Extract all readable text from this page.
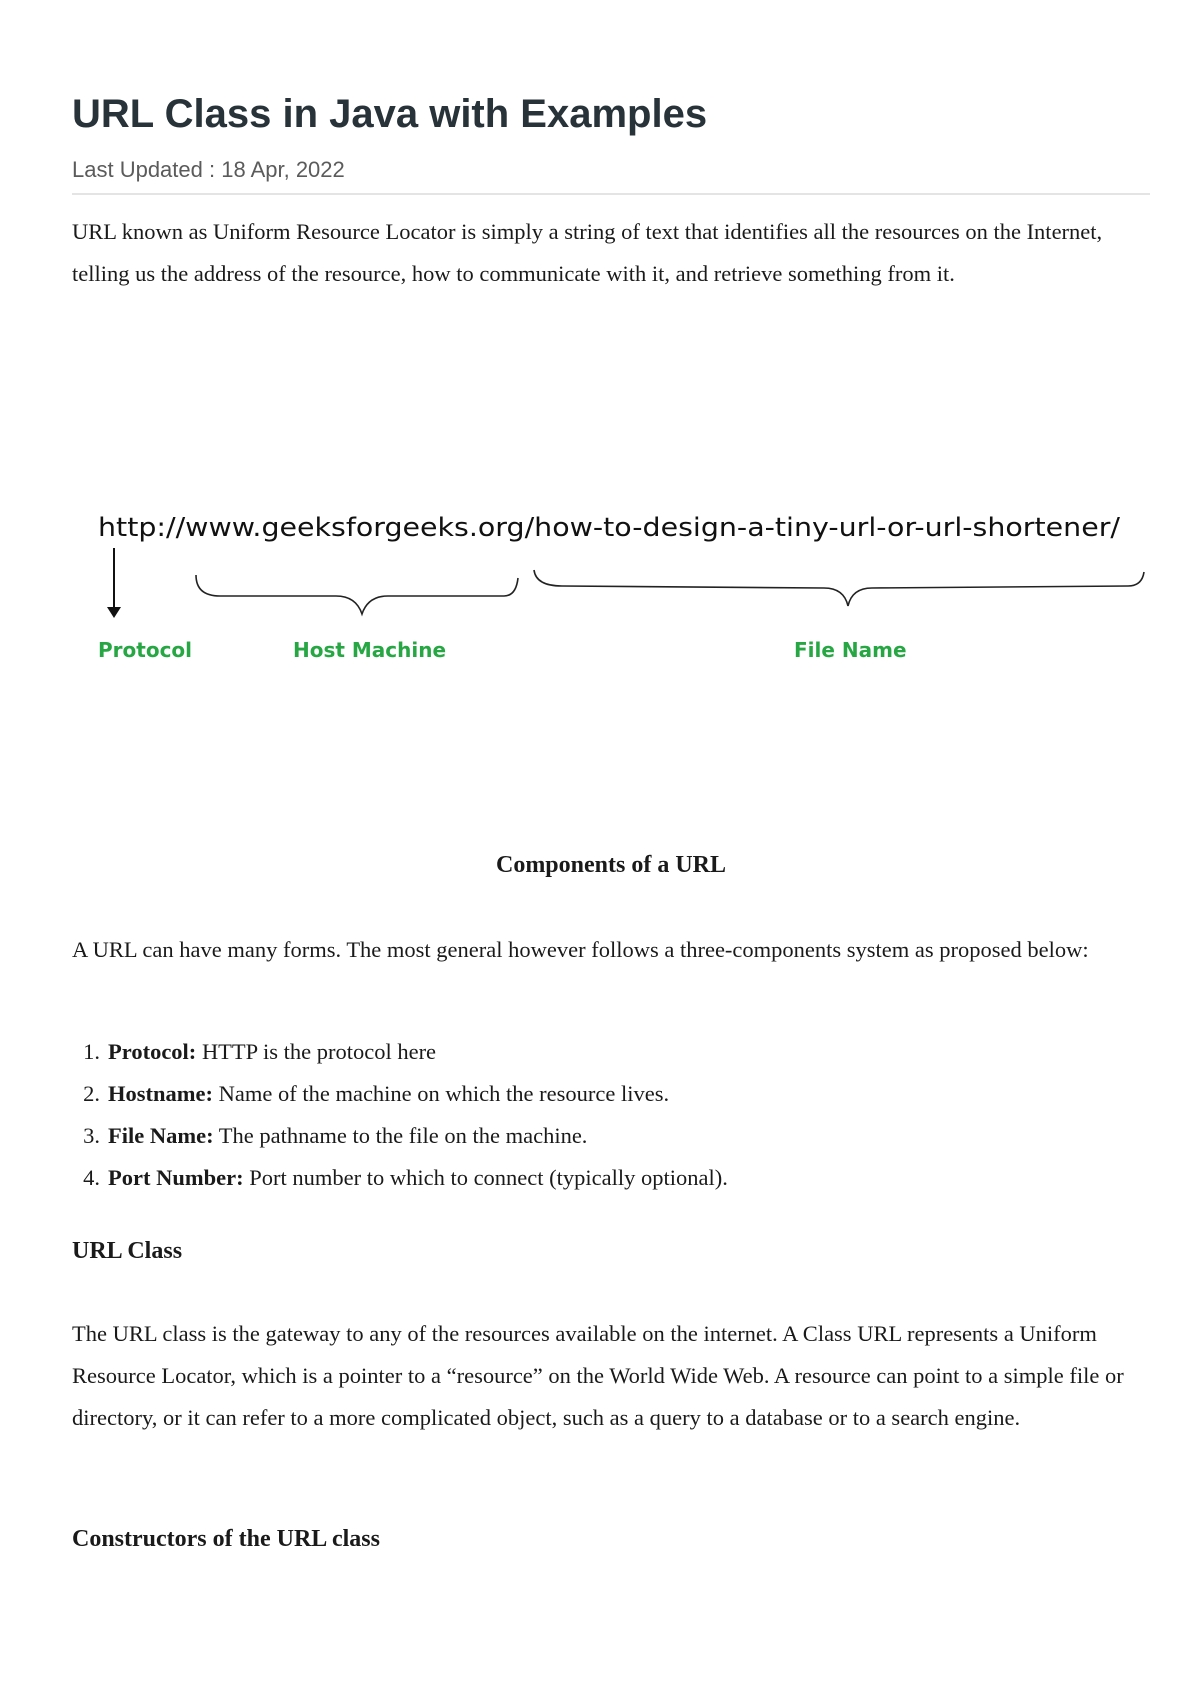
URL Class in Java with Examples
Last Updated : 18 Apr, 2022

URL known as Uniform Resource Locator is simply a string of text that identifies all the resources on the Internet, telling us the address of the resource, how to communicate with it, and retrieve something from it.

http://www.geeksforgeeks.org/how-to-design-a-tiny-url-or-url-shortener/
Protocol	Host Machine	File Name

Components of a URL

A URL can have many forms. The most general however follows a three-components system as proposed below:

1. Protocol: HTTP is the protocol here
2. Hostname: Name of the machine on which the resource lives.
3. File Name: The pathname to the file on the machine.
4. Port Number: Port number to which to connect (typically optional).
URL Class

The URL class is the gateway to any of the resources available on the internet. A Class URL represents a Uniform Resource Locator, which is a pointer to a “resource” on the World Wide Web. A resource can point to a simple file or directory, or it can refer to a more complicated object, such as a query to a database or to a search engine.

Constructors of the URL class
